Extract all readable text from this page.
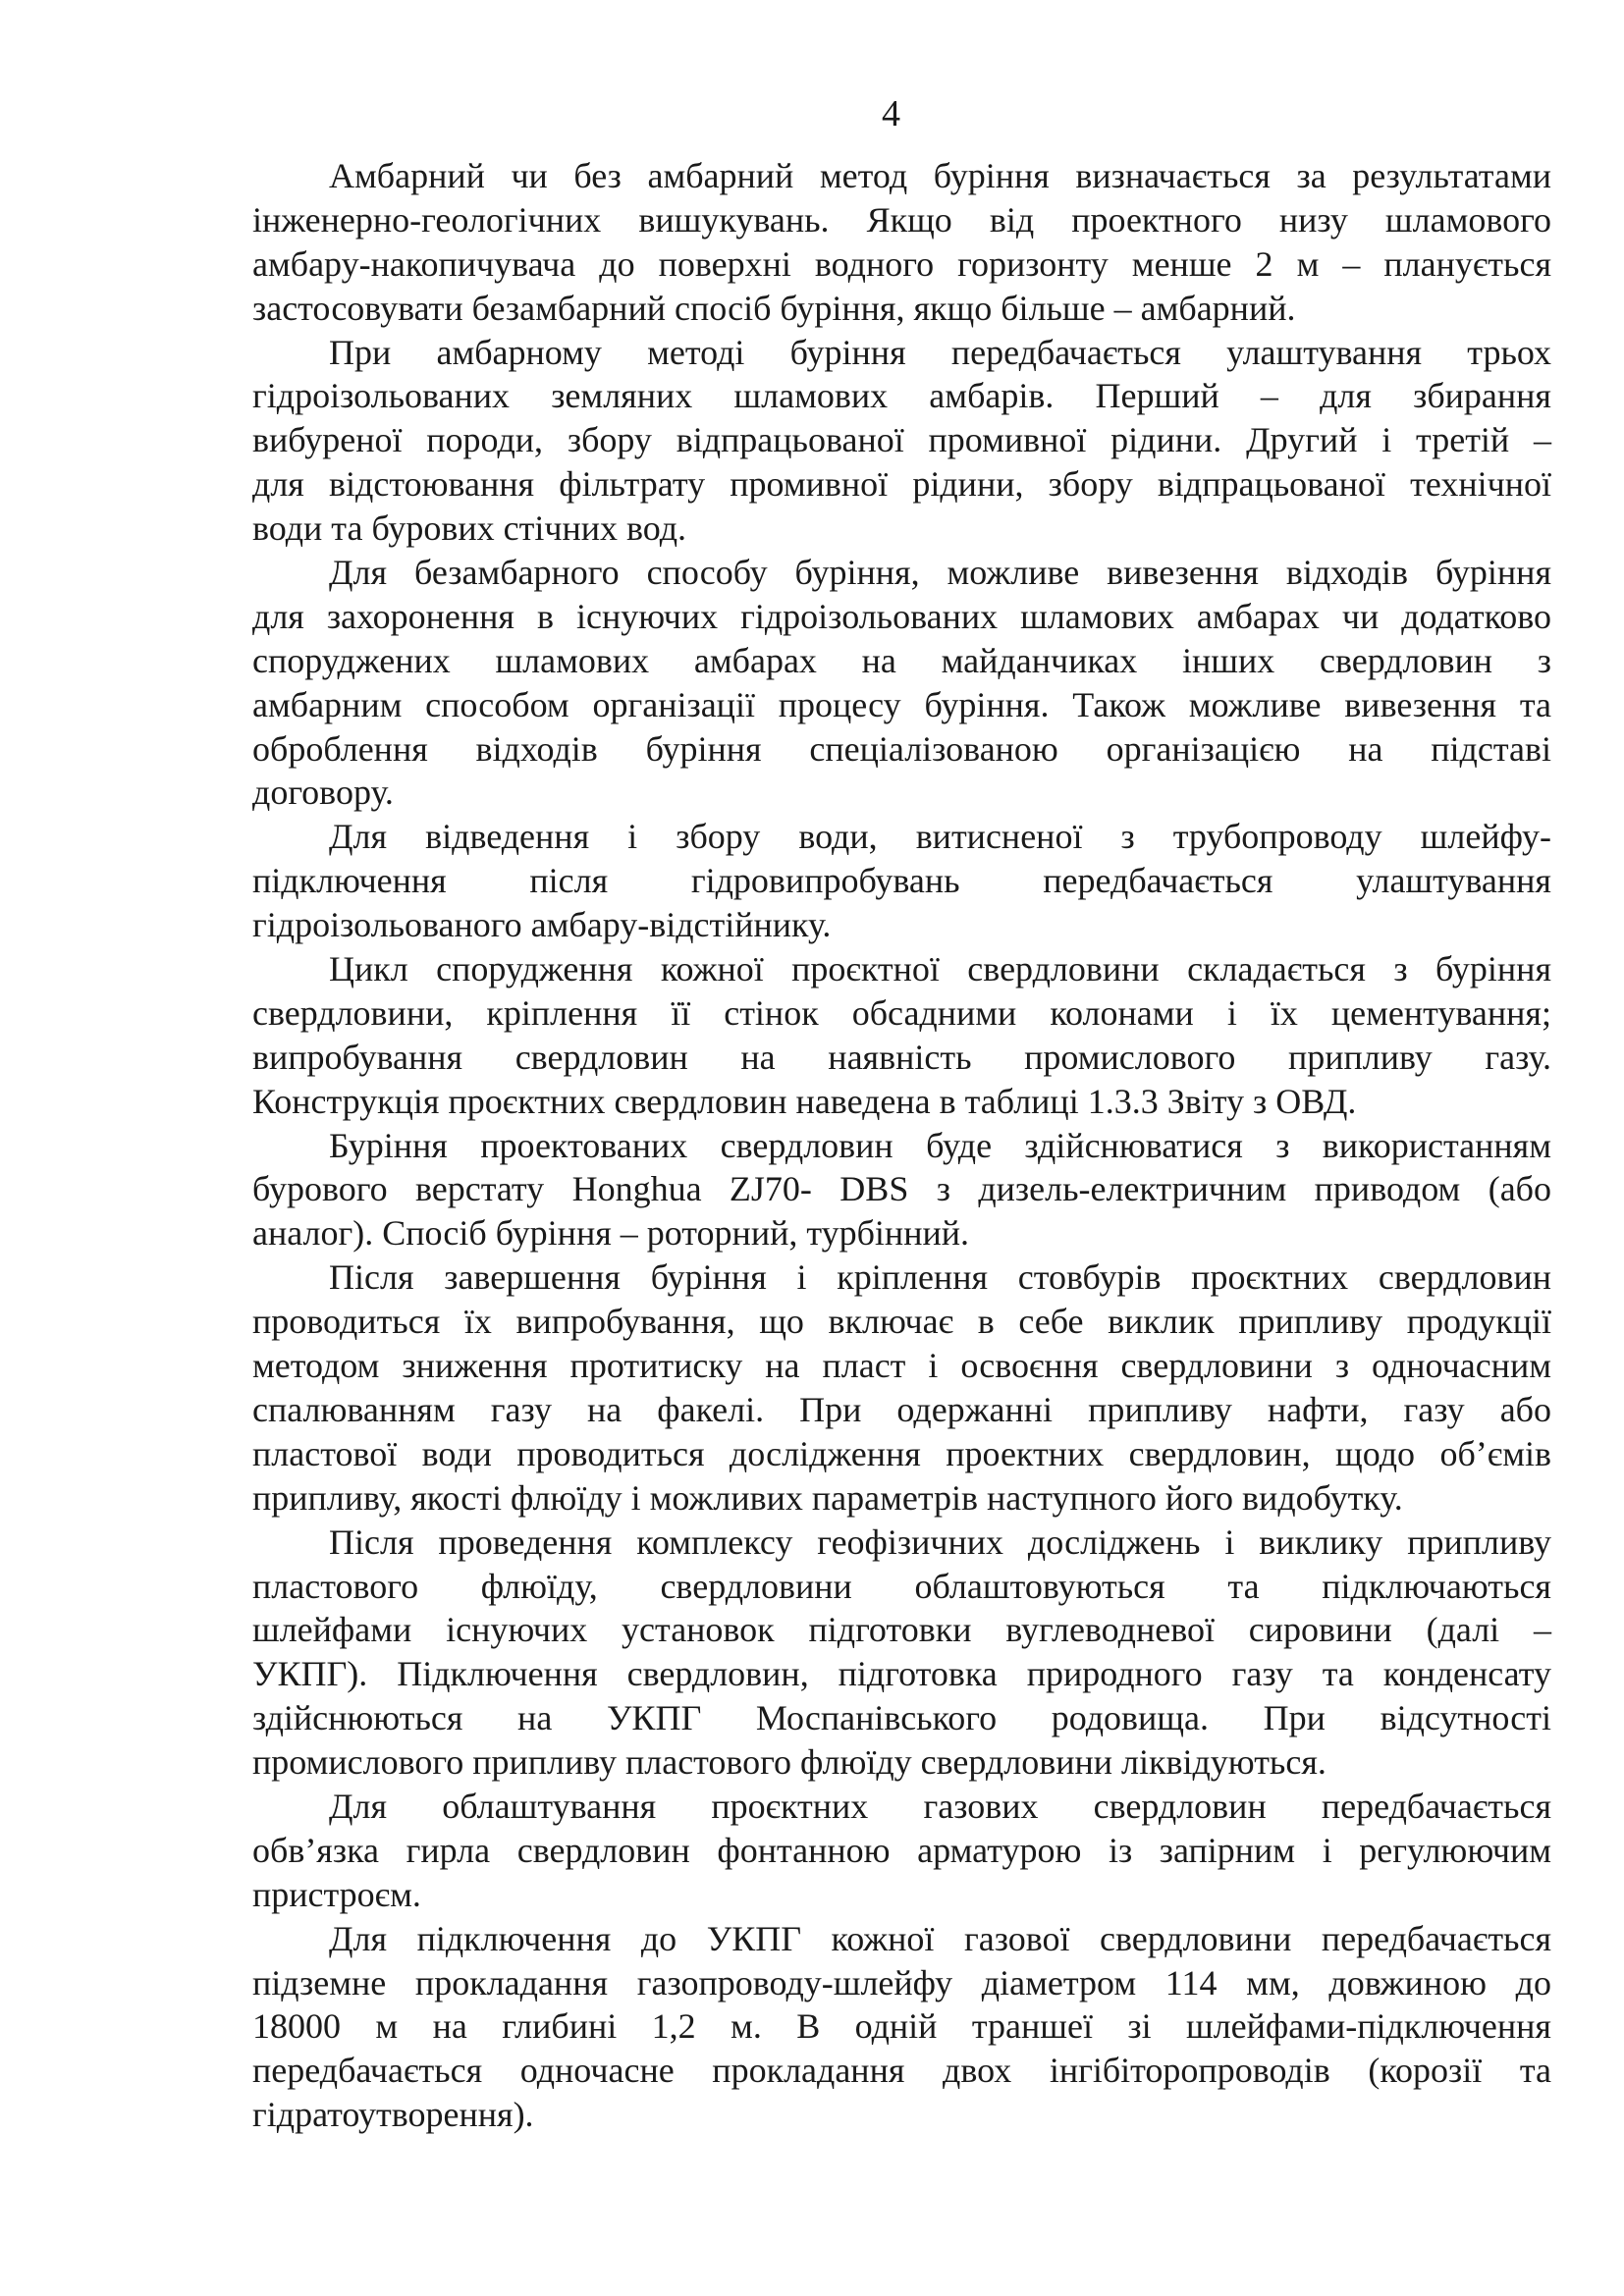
4
Амбарний чи без амбарний метод буріння визначається за результатами
інженерно-геологічних вишукувань. Якщо від проектного низу шламового
амбару-накопичувача до поверхні водного горизонту менше 2 м – планується
застосовувати безамбарний спосіб буріння, якщо більше – амбарний.
При амбарному методі буріння передбачається улаштування трьох
гідроізольованих земляних шламових амбарів. Перший – для збирання
вибуреної породи, збору відпрацьованої промивної рідини. Другий і третій –
для відстоювання фільтрату промивної рідини, збору відпрацьованої технічної
води та бурових стічних вод.
Для безамбарного способу буріння, можливе вивезення відходів буріння
для захоронення в існуючих гідроізольованих шламових амбарах чи додатково
споруджених шламових амбарах на майданчиках інших свердловин з
амбарним способом організації процесу буріння. Також можливе вивезення та
оброблення відходів буріння спеціалізованою організацією на підставі
договору.
Для відведення і збору води, витисненої з трубопроводу шлейфу-
підключення після гідровипробувань передбачається улаштування
гідроізольованого амбару-відстійнику.
Цикл спорудження кожної проєктної свердловини складається з буріння
свердловини, кріплення її стінок обсадними колонами і їх цементування;
випробування свердловин на наявність промислового припливу газу.
Конструкція проєктних свердловин наведена в таблиці 1.3.3 Звіту з ОВД.
Буріння проектованих свердловин буде здійснюватися з використанням
бурового верстату Honghua ZJ70- DBS з дизель-електричним приводом (або
аналог). Спосіб буріння – роторний, турбінний.
Після завершення буріння і кріплення стовбурів проєктних свердловин
проводиться їх випробування, що включає в себе виклик припливу продукції
методом зниження протитиску на пласт і освоєння свердловини з одночасним
спалюванням газу на факелі. При одержанні припливу нафти, газу або
пластової води проводиться дослідження проектних свердловин, щодо об’ємів
припливу, якості флюїду і можливих параметрів наступного його видобутку.
Після проведення комплексу геофізичних досліджень і виклику припливу
пластового флюїду, свердловини облаштовуються та підключаються
шлейфами існуючих установок підготовки вуглеводневої сировини (далі –
УКПГ). Підключення свердловин, підготовка природного газу та конденсату
здійснюються на УКПГ Моспанівського родовища. При відсутності
промислового припливу пластового флюїду свердловини ліквідуються.
Для облаштування проєктних газових свердловин передбачається
обв’язка гирла свердловин фонтанною арматурою із запірним і регулюючим
пристроєм.
Для підключення до УКПГ кожної газової свердловини передбачається
підземне прокладання газопроводу-шлейфу діаметром 114 мм, довжиною до
18000 м на глибині 1,2 м. В одній траншеї зі шлейфами-підключення
передбачається одночасне прокладання двох інгібіторопроводів (корозії та
гідратоутворення).
